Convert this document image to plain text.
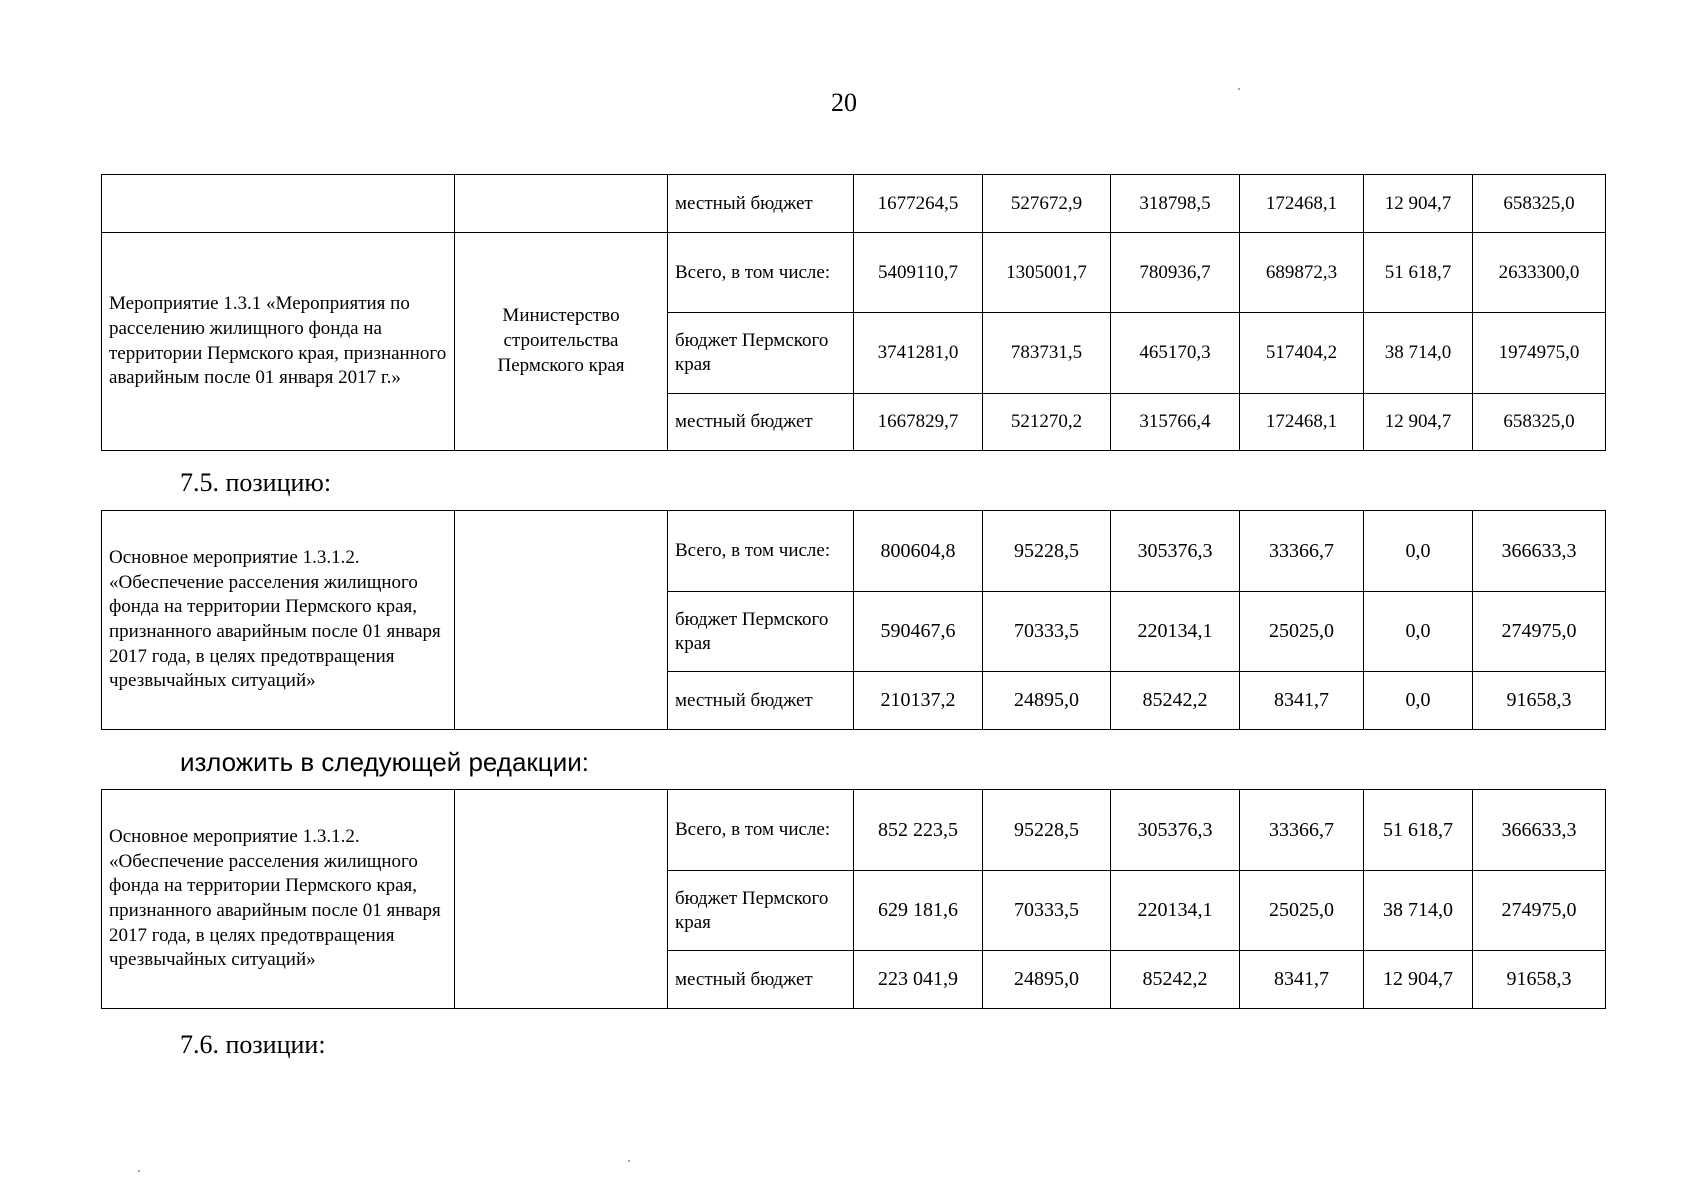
20
		местный бюджет	1677264,5	527672,9	318798,5	172468,1	12 904,7	658325,0
Мероприятие 1.3.1 «Мероприятия по расселению жилищного фонда на территории Пермского края, признанного аварийным после 01 января 2017 г.»	Министерство строительства Пермского края	Всего, в том числе:	5409110,7	1305001,7	780936,7	689872,3	51 618,7	2633300,0
		бюджет Пермского края	3741281,0	783731,5	465170,3	517404,2	38 714,0	1974975,0
		местный бюджет	1667829,7	521270,2	315766,4	172468,1	12 904,7	658325,0
7.5. позицию:
Основное мероприятие 1.3.1.2. «Обеспечение расселения жилищного фонда на территории Пермского края, признанного аварийным после 01 января 2017 года, в целях предотвращения чрезвычайных ситуаций»		Всего, в том числе:	800604,8	95228,5	305376,3	33366,7	0,0	366633,3
		бюджет Пермского края	590467,6	70333,5	220134,1	25025,0	0,0	274975,0
		местный бюджет	210137,2	24895,0	85242,2	8341,7	0,0	91658,3
изложить в следующей редакции:
Основное мероприятие 1.3.1.2. «Обеспечение расселения жилищного фонда на территории Пермского края, признанного аварийным после 01 января 2017 года, в целях предотвращения чрезвычайных ситуаций»		Всего, в том числе:	852 223,5	95228,5	305376,3	33366,7	51 618,7	366633,3
		бюджет Пермского края	629 181,6	70333,5	220134,1	25025,0	38 714,0	274975,0
		местный бюджет	223 041,9	24895,0	85242,2	8341,7	12 904,7	91658,3
7.6. позиции:
